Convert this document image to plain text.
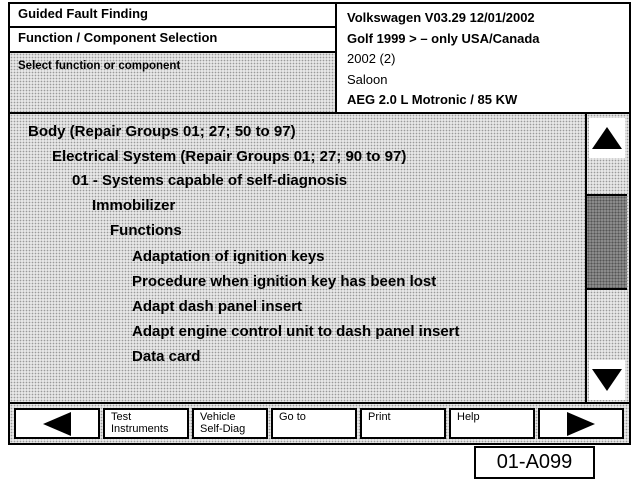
Guided Fault Finding
Function / Component Selection
Select function or component
Volkswagen V03.29 12/01/2002
Golf 1999 > – only USA/Canada
2002 (2)
Saloon
AEG 2.0 L Motronic / 85 KW
Body (Repair Groups 01; 27; 50 to 97)
Electrical System (Repair Groups 01; 27; 90 to 97)
01 - Systems capable of self-diagnosis
Immobilizer
Functions
Adaptation of ignition keys
Procedure when ignition key has been lost
Adapt dash panel insert
Adapt engine control unit to dash panel insert
Data card
Test Instruments
Vehicle Self-Diag
Go to	Print	Help
01-A099
